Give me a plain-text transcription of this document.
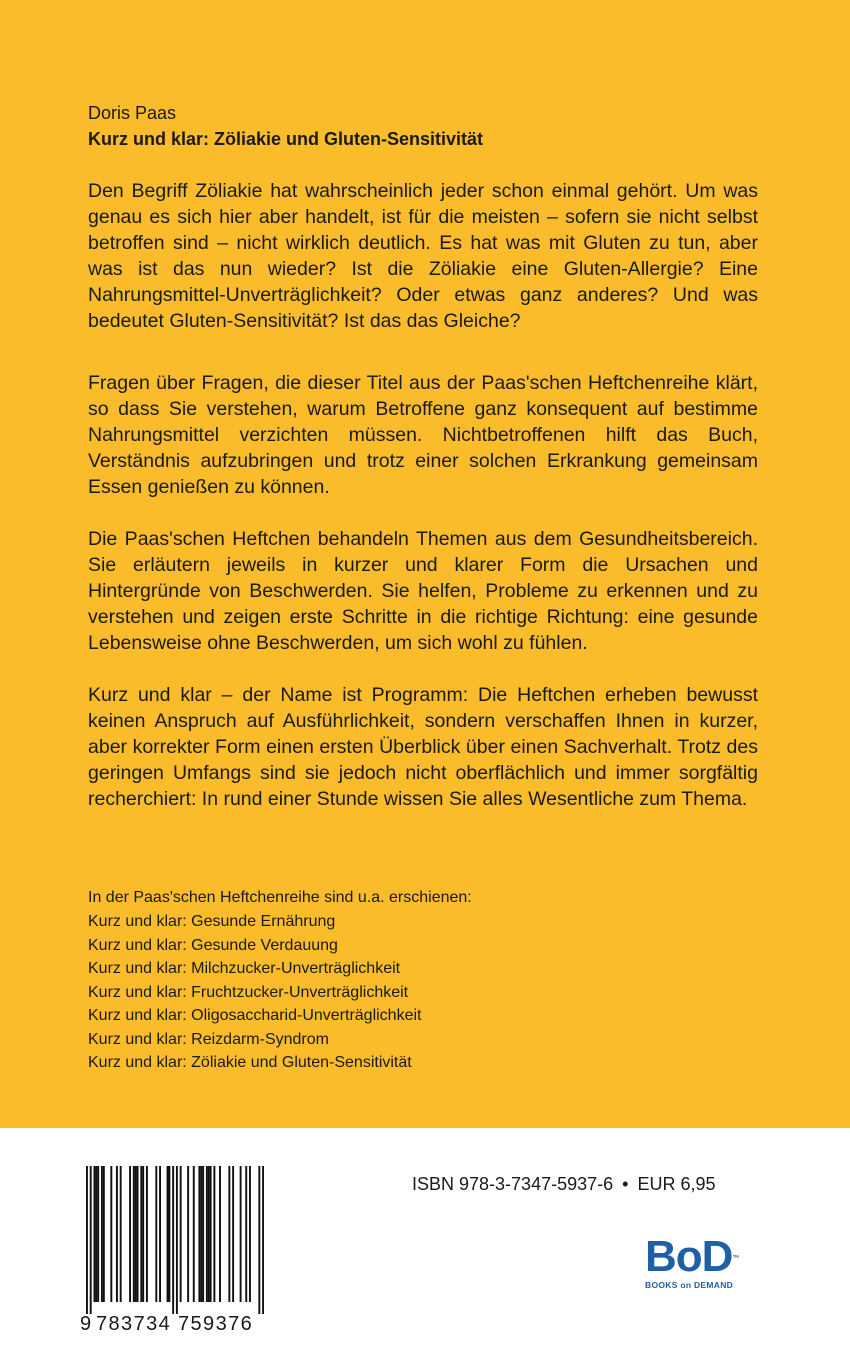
Doris Paas
Kurz und klar: Zöliakie und Gluten-Sensitivität

Den Begriff Zöliakie hat wahrscheinlich jeder schon einmal gehört. Um was genau es sich hier aber handelt, ist für die meisten – sofern sie nicht selbst betroffen sind – nicht wirklich deutlich. Es hat was mit Gluten zu tun, aber was ist das nun wieder? Ist die Zöliakie eine Gluten-Allergie? Eine Nahrungsmittel-Unverträglichkeit? Oder etwas ganz anderes? Und was bedeutet Gluten-Sensitivität? Ist das das Gleiche?

Fragen über Fragen, die dieser Titel aus der Paas'schen Heftchenreihe klärt, so dass Sie verstehen, warum Betroffene ganz konsequent auf bestimme Nahrungsmittel verzichten müssen. Nichtbetroffenen hilft das Buch, Verständnis aufzubringen und trotz einer solchen Erkrankung gemeinsam Essen genießen zu können.

Die Paas'schen Heftchen behandeln Themen aus dem Gesundheitsbereich. Sie erläutern jeweils in kurzer und klarer Form die Ursachen und Hintergründe von Beschwerden. Sie helfen, Probleme zu erkennen und zu verstehen und zeigen erste Schritte in die richtige Richtung: eine gesunde Lebensweise ohne Beschwerden, um sich wohl zu fühlen.

Kurz und klar – der Name ist Programm: Die Heftchen erheben bewusst keinen Anspruch auf Ausführlichkeit, sondern verschaffen Ihnen in kurzer, aber korrekter Form einen ersten Überblick über einen Sachverhalt. Trotz des geringen Umfangs sind sie jedoch nicht oberflächlich und immer sorgfältig recherchiert: In rund einer Stunde wissen Sie alles Wesentliche zum Thema.

In der Paas'schen Heftchenreihe sind u.a. erschienen:
Kurz und klar: Gesunde Ernährung
Kurz und klar: Gesunde Verdauung
Kurz und klar: Milchzucker-Unverträglichkeit
Kurz und klar: Fruchtzucker-Unverträglichkeit
Kurz und klar: Oligosaccharid-Unverträglichkeit
Kurz und klar: Reizdarm-Syndrom
Kurz und klar: Zöliakie und Gluten-Sensitivität
9 783734 759376
ISBN 978-3-7347-5937-6 • EUR 6,95
BoD™
BOOKS on DEMAND
